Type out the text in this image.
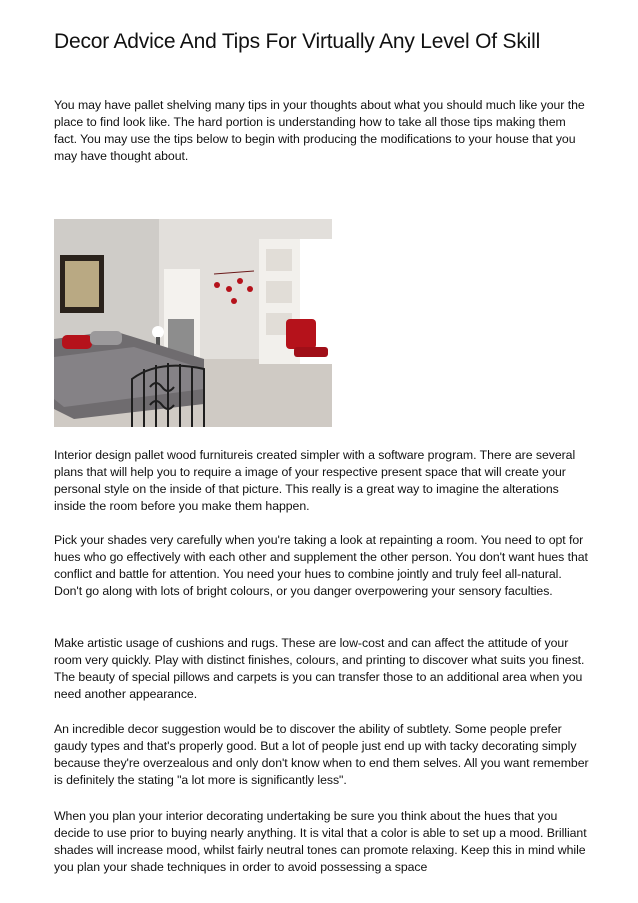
Decor Advice And Tips For Virtually Any Level Of Skill

You may have pallet shelving many tips in your thoughts about what you should much like your the place to find look like. The hard portion is understanding how to take all those tips making them fact. You may use the tips below to begin with producing the modifications to your house that you may have thought about.

Interior design pallet wood furnitureis created simpler with a software program. There are several plans that will help you to require a image of your respective present space that will create your personal style on the inside of that picture. This really is a great way to imagine the alterations inside the room before you make them happen.

Pick your shades very carefully when you're taking a look at repainting a room. You need to opt for hues who go effectively with each other and supplement the other person. You don't want hues that conflict and battle for attention. You need your hues to combine jointly and truly feel all-natural. Don't go along with lots of bright colours, or you danger overpowering your sensory faculties.

Make artistic usage of cushions and rugs. These are low-cost and can affect the attitude of your room very quickly. Play with distinct finishes, colours, and printing to discover what suits you finest. The beauty of special pillows and carpets is you can transfer those to an additional area when you need another appearance.

An incredible decor suggestion would be to discover the ability of subtlety. Some people prefer gaudy types and that's properly good. But a lot of people just end up with tacky decorating simply because they're overzealous and only don't know when to end them selves. All you want remember is definitely the stating "a lot more is significantly less".

When you plan your interior decorating undertaking be sure you think about the hues that you decide to use prior to buying nearly anything. It is vital that a color is able to set up a mood. Brilliant shades will increase mood, whilst fairly neutral tones can promote relaxing. Keep this in mind while you plan your shade techniques in order to avoid possessing a space
